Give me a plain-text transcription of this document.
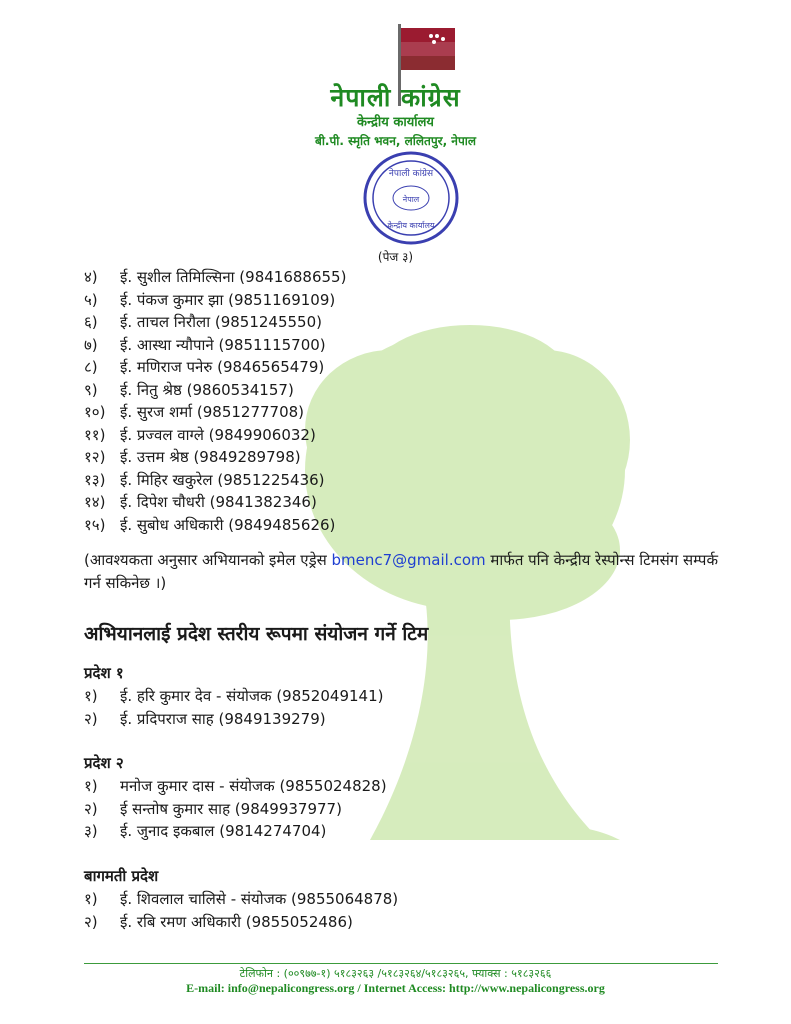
नेपाली कांग्रेस
केन्द्रीय कार्यालय
बी.पी. स्मृति भवन, ललितपुर, नेपाल
नेपाल
नेपाली कांग्रेस
केन्द्रीय कार्यालय
(पेज ३)
४) ई. सुशील तिमिल्सिना (9841688655)
५) ई. पंकज कुमार झा (9851169109)
६) ई. ताचल निरौला (9851245550)
७) ई. आस्था न्यौपाने (9851115700)
८) ई. मणिराज पनेरु (9846565479)
९) ई. नितु श्रेष्ठ (9860534157)
१०) ई. सुरज शर्मा (9851277708)
११) ई. प्रज्वल वाग्ले (9849906032)
१२) ई. उत्तम श्रेष्ठ (9849289798)
१३) ई. मिहिर खकुरेल (9851225436)
१४) ई. दिपेश चौधरी (9841382346)
१५) ई. सुबोध अधिकारी (9849485626)
(आवश्यकता अनुसार अभियानको इमेल एड्रेस bmenc7@gmail.com मार्फत पनि केन्द्रीय रेस्पोन्स टिमसंग सम्पर्क गर्न सकिनेछ ।)
अभियानलाई प्रदेश स्तरीय रूपमा संयोजन गर्ने टिम
प्रदेश १
१) ई. हरि कुमार देव - संयोजक (9852049141)
२) ई. प्रदिपराज साह (9849139279)
प्रदेश २
१) मनोज कुमार दास - संयोजक (9855024828)
२) ई सन्तोष कुमार साह (9849937977)
३) ई. जुनाद इकबाल (9814274704)
बागमती प्रदेश
१) ई. शिवलाल चालिसे - संयोजक (9855064878)
२) ई. रबि रमण अधिकारी (9855052486)
टेलिफोन : (००९७७-१) ५१८३२६३ /५१८३२६४/५१८३२६५, फ्याक्स : ५१८३२६६
E-mail: info@nepalicongress.org / Internet Access: http://www.nepalicongress.org
